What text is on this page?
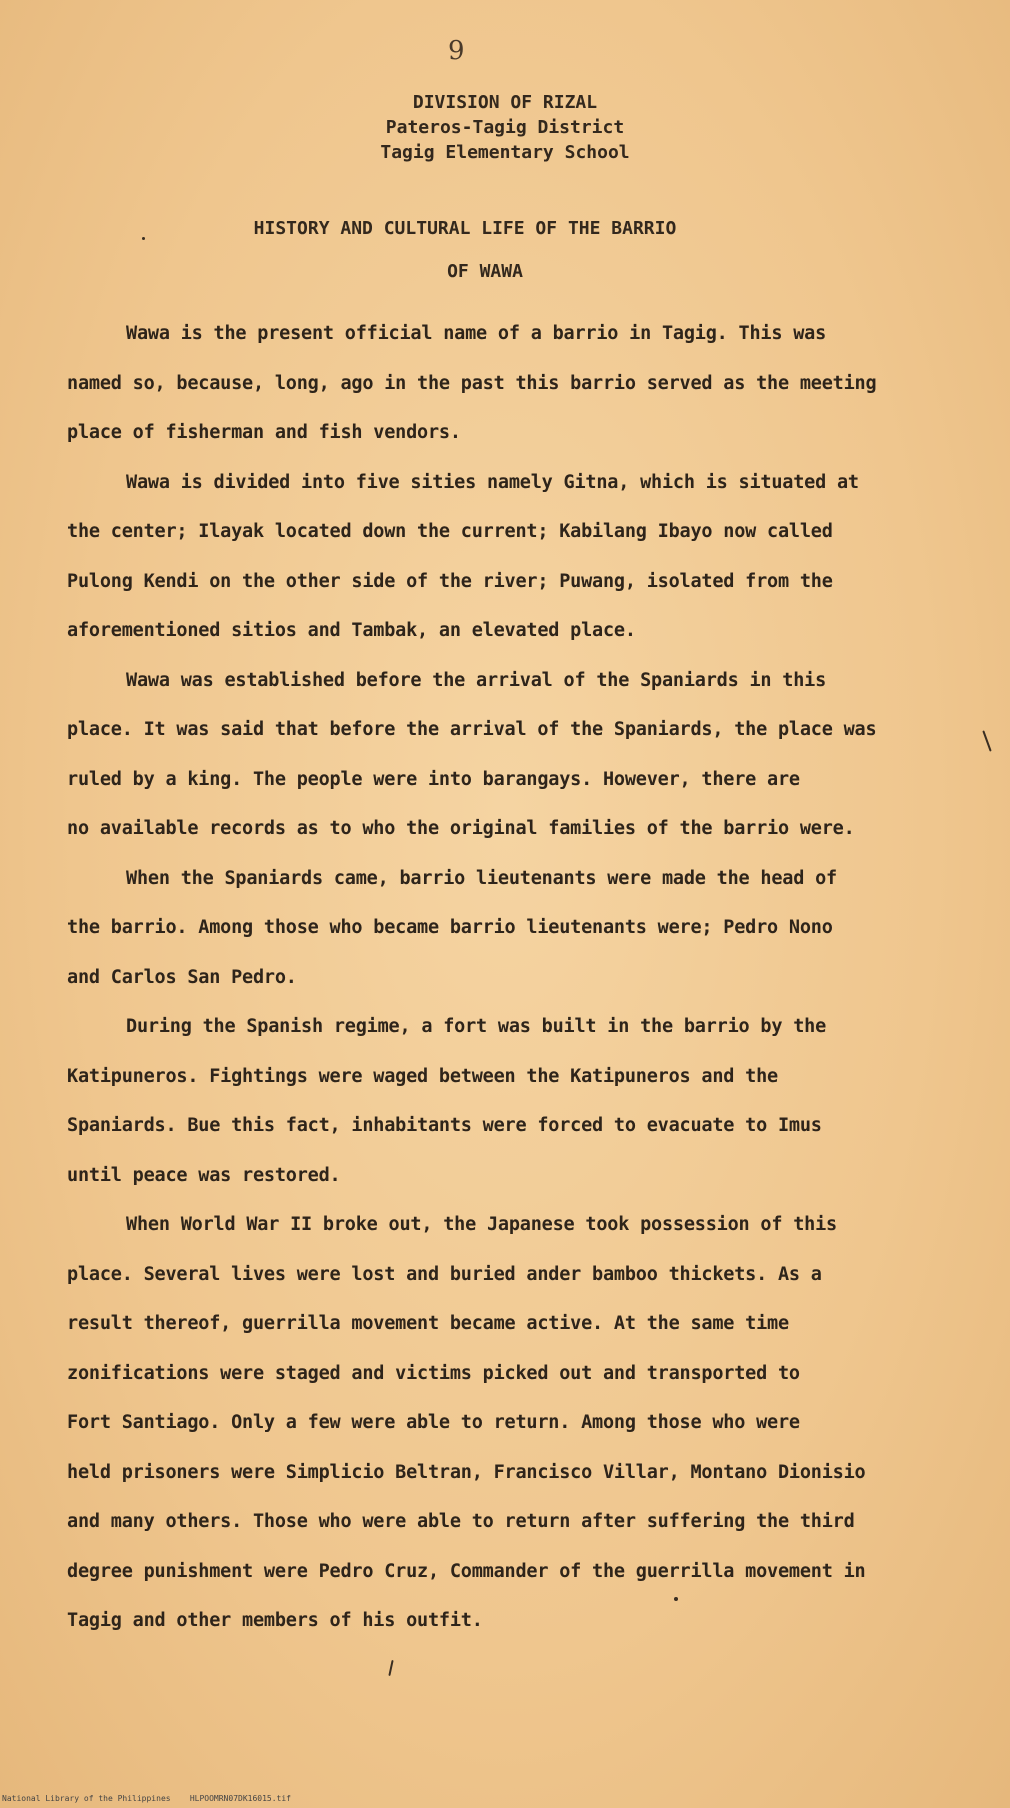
9
DIVISION OF RIZAL
Pateros-Tagig District
Tagig Elementary School
HISTORY AND CULTURAL LIFE OF THE BARRIO
OF WAWA

Wawa is the present official name of a barrio in Tagig. This was

named so, because, long, ago in the past this barrio served as the meeting

place of fisherman and fish vendors.

Wawa is divided into five sities namely Gitna, which is situated at

the center; Ilayak located down the current; Kabilang Ibayo now called

Pulong Kendi on the other side of the river; Puwang, isolated from the

aforementioned sitios and Tambak, an elevated place.

Wawa was established before the arrival of the Spaniards in this

place. It was said that before the arrival of the Spaniards, the place was

ruled by a king. The people were into barangays. However, there are

no available records as to who the original families of the barrio were.

When the Spaniards came, barrio lieutenants were made the head of

the barrio. Among those who became barrio lieutenants were; Pedro Nono

and Carlos San Pedro.

During the Spanish regime, a fort was built in the barrio by the

Katipuneros. Fightings were waged between the Katipuneros and the

Spaniards. Bue this fact, inhabitants were forced to evacuate to Imus

until peace was restored.

When World War II broke out, the Japanese took possession of this

place. Several lives were lost and buried ander bamboo thickets. As a

result thereof, guerrilla movement became active. At the same time

zonifications were staged and victims picked out and transported to

Fort Santiago. Only a few were able to return. Among those who were

held prisoners were Simplicio Beltran, Francisco Villar, Montano Dionisio

and many others. Those who were able to return after suffering the third

degree punishment were Pedro Cruz, Commander of the guerrilla movement in

Tagig and other members of his outfit.

National Library of the Philippines    HLPOOMRN07DK16015.tif
